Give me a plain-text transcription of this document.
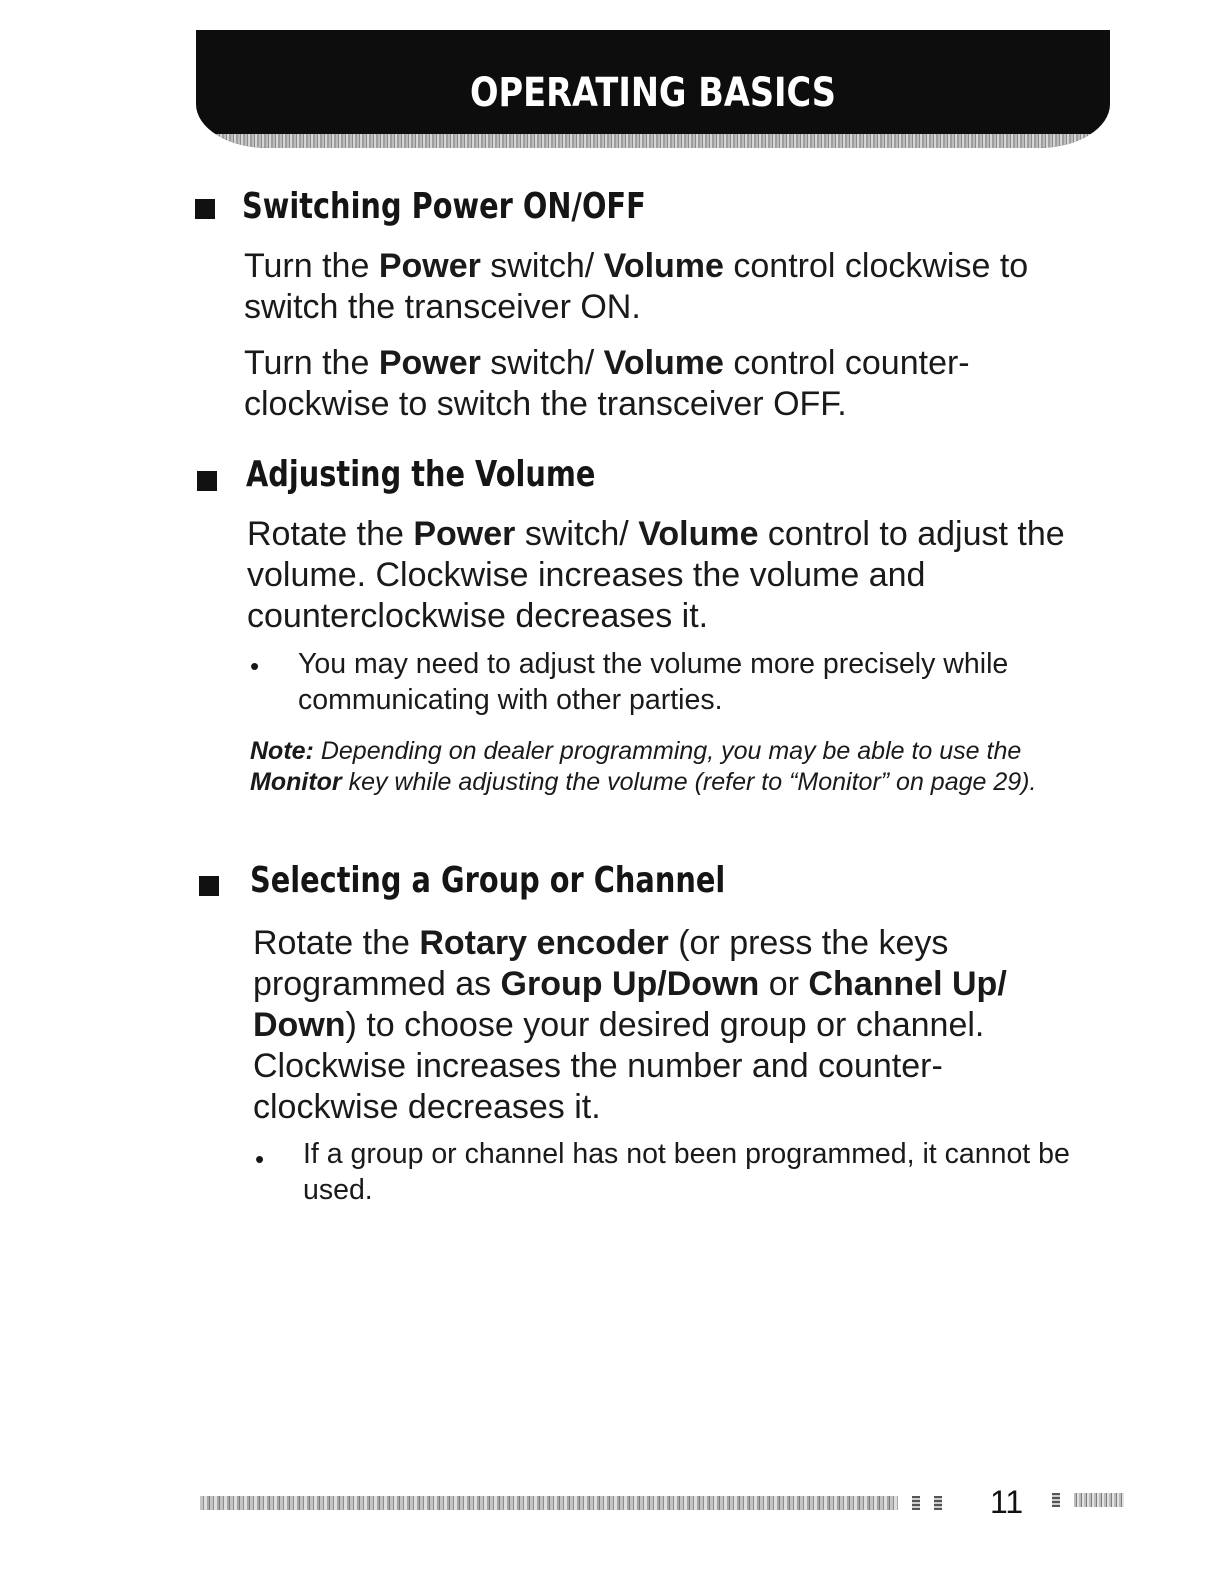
OPERATING BASICS
Switching Power ON/OFF
Turn the Power switch/ Volume control clockwise to switch the transceiver ON.
Turn the Power switch/ Volume control counter-clockwise to switch the transceiver OFF.
Adjusting the Volume
Rotate the Power switch/ Volume control to adjust the volume. Clockwise increases the volume and counterclockwise decreases it.
• You may need to adjust the volume more precisely while communicating with other parties.
Note: Depending on dealer programming, you may be able to use the Monitor key while adjusting the volume (refer to “Monitor” on page 29).
Selecting a Group or Channel
Rotate the Rotary encoder (or press the keys programmed as Group Up/Down or Channel Up/ Down) to choose your desired group or channel. Clockwise increases the number and counter-clockwise decreases it.
• If a group or channel has not been programmed, it cannot be used.
11
